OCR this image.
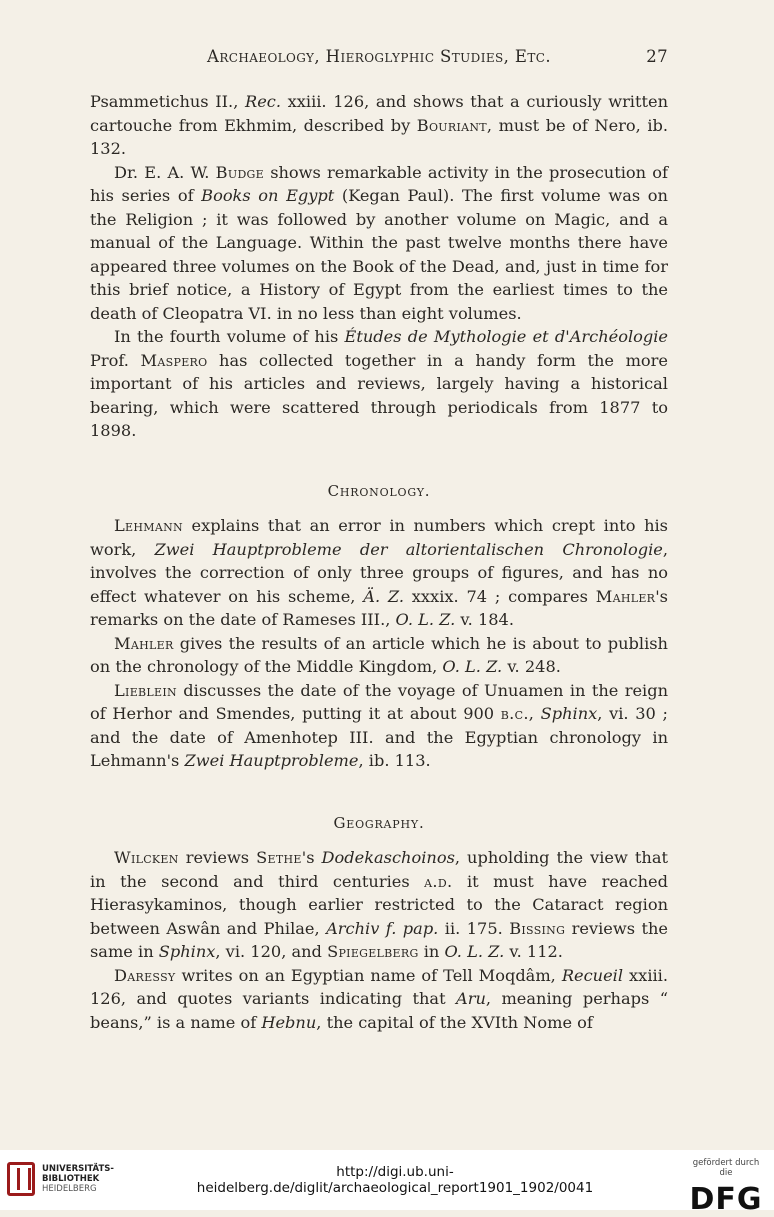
Archaeology, Hieroglyphic Studies, Etc.	27

Psammetichus II., Rec. xxiii. 126, and shows that a curiously written cartouche from Ekhmim, described by Bouriant, must be of Nero, ib. 132.

Dr. E. A. W. Budge shows remarkable activity in the prosecution of his series of Books on Egypt (Kegan Paul). The first volume was on the Religion ; it was followed by another volume on Magic, and a manual of the Language. Within the past twelve months there have appeared three volumes on the Book of the Dead, and, just in time for this brief notice, a History of Egypt from the earliest times to the death of Cleopatra VI. in no less than eight volumes.

In the fourth volume of his Études de Mythologie et d'Archéologie Prof. Maspero has collected together in a handy form the more important of his articles and reviews, largely having a historical bearing, which were scattered through periodicals from 1877 to 1898.

Chronology.

Lehmann explains that an error in numbers which crept into his work, Zwei Hauptprobleme der altorientalischen Chronologie, involves the correction of only three groups of figures, and has no effect whatever on his scheme, Ä. Z. xxxix. 74 ; compares Mahler's remarks on the date of Rameses III., O. L. Z. v. 184.

Mahler gives the results of an article which he is about to publish on the chronology of the Middle Kingdom, O. L. Z. v. 248.

Lieblein discusses the date of the voyage of Unuamen in the reign of Herhor and Smendes, putting it at about 900 b.c., Sphinx, vi. 30 ; and the date of Amenhotep III. and the Egyptian chronology in Lehmann's Zwei Hauptprobleme, ib. 113.

Geography.

Wilcken reviews Sethe's Dodekaschoinos, upholding the view that in the second and third centuries a.d. it must have reached Hierasykaminos, though earlier restricted to the Cataract region between Aswân and Philae, Archiv f. pap. ii. 175. Bissing reviews the same in Sphinx, vi. 120, and Spiegelberg in O. L. Z. v. 112.

Daressy writes on an Egyptian name of Tell Moqdâm, Recueil xxiii. 126, and quotes variants indicating that Aru, meaning perhaps “ beans,” is a name of Hebnu, the capital of the XVIth Nome of

UNIVERSITÄTS-
BIBLIOTHEK
HEIDELBERG
http://digi.ub.uni-heidelberg.de/diglit/archaeological_report1901_1902/0041
gefördert durch die
DFG
